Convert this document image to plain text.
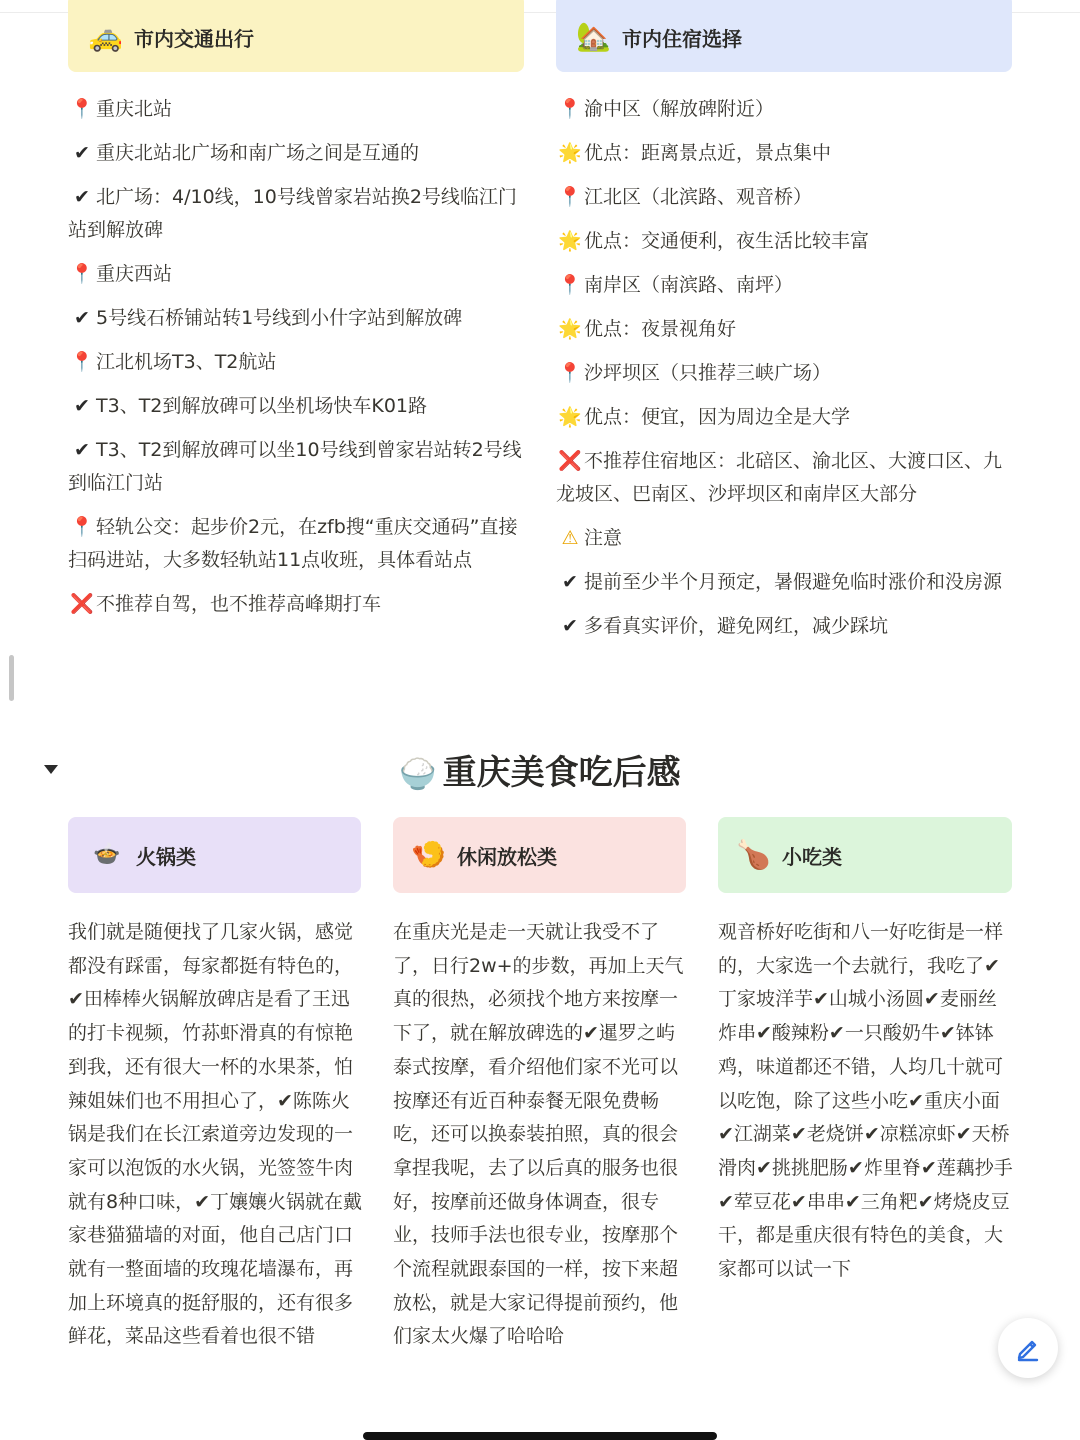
🚕 市内交通出行	🏡 市内住宿选择
📍 重庆北站
✔ 重庆北站北广场和南广场之间是互通的
✔ 北广场：4/10线，10号线曾家岩站换2号线临江门站到解放碑
📍 重庆西站
✔ 5号线石桥铺站转1号线到小什字站到解放碑
📍 江北机场T3、T2航站
✔ T3、T2到解放碑可以坐机场快车K01路
✔ T3、T2到解放碑可以坐10号线到曾家岩站转2号线到临江门站
📍 轻轨公交：起步价2元，在zfb搜“重庆交通码”直接扫码进站，大多数轻轨站11点收班，具体看站点
❌ 不推荐自驾，也不推荐高峰期打车
📍 渝中区（解放碑附近）
🌟 优点：距离景点近，景点集中
📍 江北区（北滨路、观音桥）
🌟 优点：交通便利，夜生活比较丰富
📍 南岸区（南滨路、南坪）
🌟 优点：夜景视角好
📍 沙坪坝区（只推荐三峡广场）
🌟 优点：便宜，因为周边全是大学
❌ 不推荐住宿地区：北碚区、渝北区、大渡口区、九龙坡区、巴南区、沙坪坝区和南岸区大部分
⚠ 注意
✔ 提前至少半个月预定，暑假避免临时涨价和没房源
✔ 多看真实评价，避免网红，减少踩坑
🍚 重庆美食吃后感
🍲 火锅类	🍤 休闲放松类	🍗 小吃类
我们就是随便找了几家火锅，感觉都没有踩雷，每家都挺有特色的，✔田棒棒火锅解放碑店是看了王迅的打卡视频，竹荪虾滑真的有惊艳到我，还有很大一杯的水果茶，怕辣姐妹们也不用担心了，✔陈陈火锅是我们在长江索道旁边发现的一家可以泡饭的水火锅，光签签牛肉就有8种口味，✔丁孃孃火锅就在戴家巷猫猫墙的对面，他自己店门口就有一整面墙的玫瑰花墙瀑布，再加上环境真的挺舒服的，还有很多鲜花，菜品这些看着也很不错
在重庆光是走一天就让我受不了了，日行2w+的步数，再加上天气真的很热，必须找个地方来按摩一下了，就在解放碑选的✔暹罗之屿泰式按摩，看介绍他们家不光可以按摩还有近百种泰餐无限免费畅吃，还可以换泰装拍照，真的很会拿捏我呢，去了以后真的服务也很好，按摩前还做身体调查，很专业，技师手法也很专业，按摩那个个流程就跟泰国的一样，按下来超放松，就是大家记得提前预约，他们家太火爆了哈哈哈
观音桥好吃街和八一好吃街是一样的，大家选一个去就行，我吃了✔丁家坡洋芋✔山城小汤圆✔麦丽丝炸串✔酸辣粉✔一只酸奶牛✔钵钵鸡，味道都还不错，人均几十就可以吃饱，除了这些小吃✔重庆小面✔江湖菜✔老烧饼✔凉糕凉虾✔天桥滑肉✔挑挑肥肠✔炸里脊✔莲藕抄手✔荤豆花✔串串✔三角粑✔烤烧皮豆干，都是重庆很有特色的美食，大家都可以试一下
